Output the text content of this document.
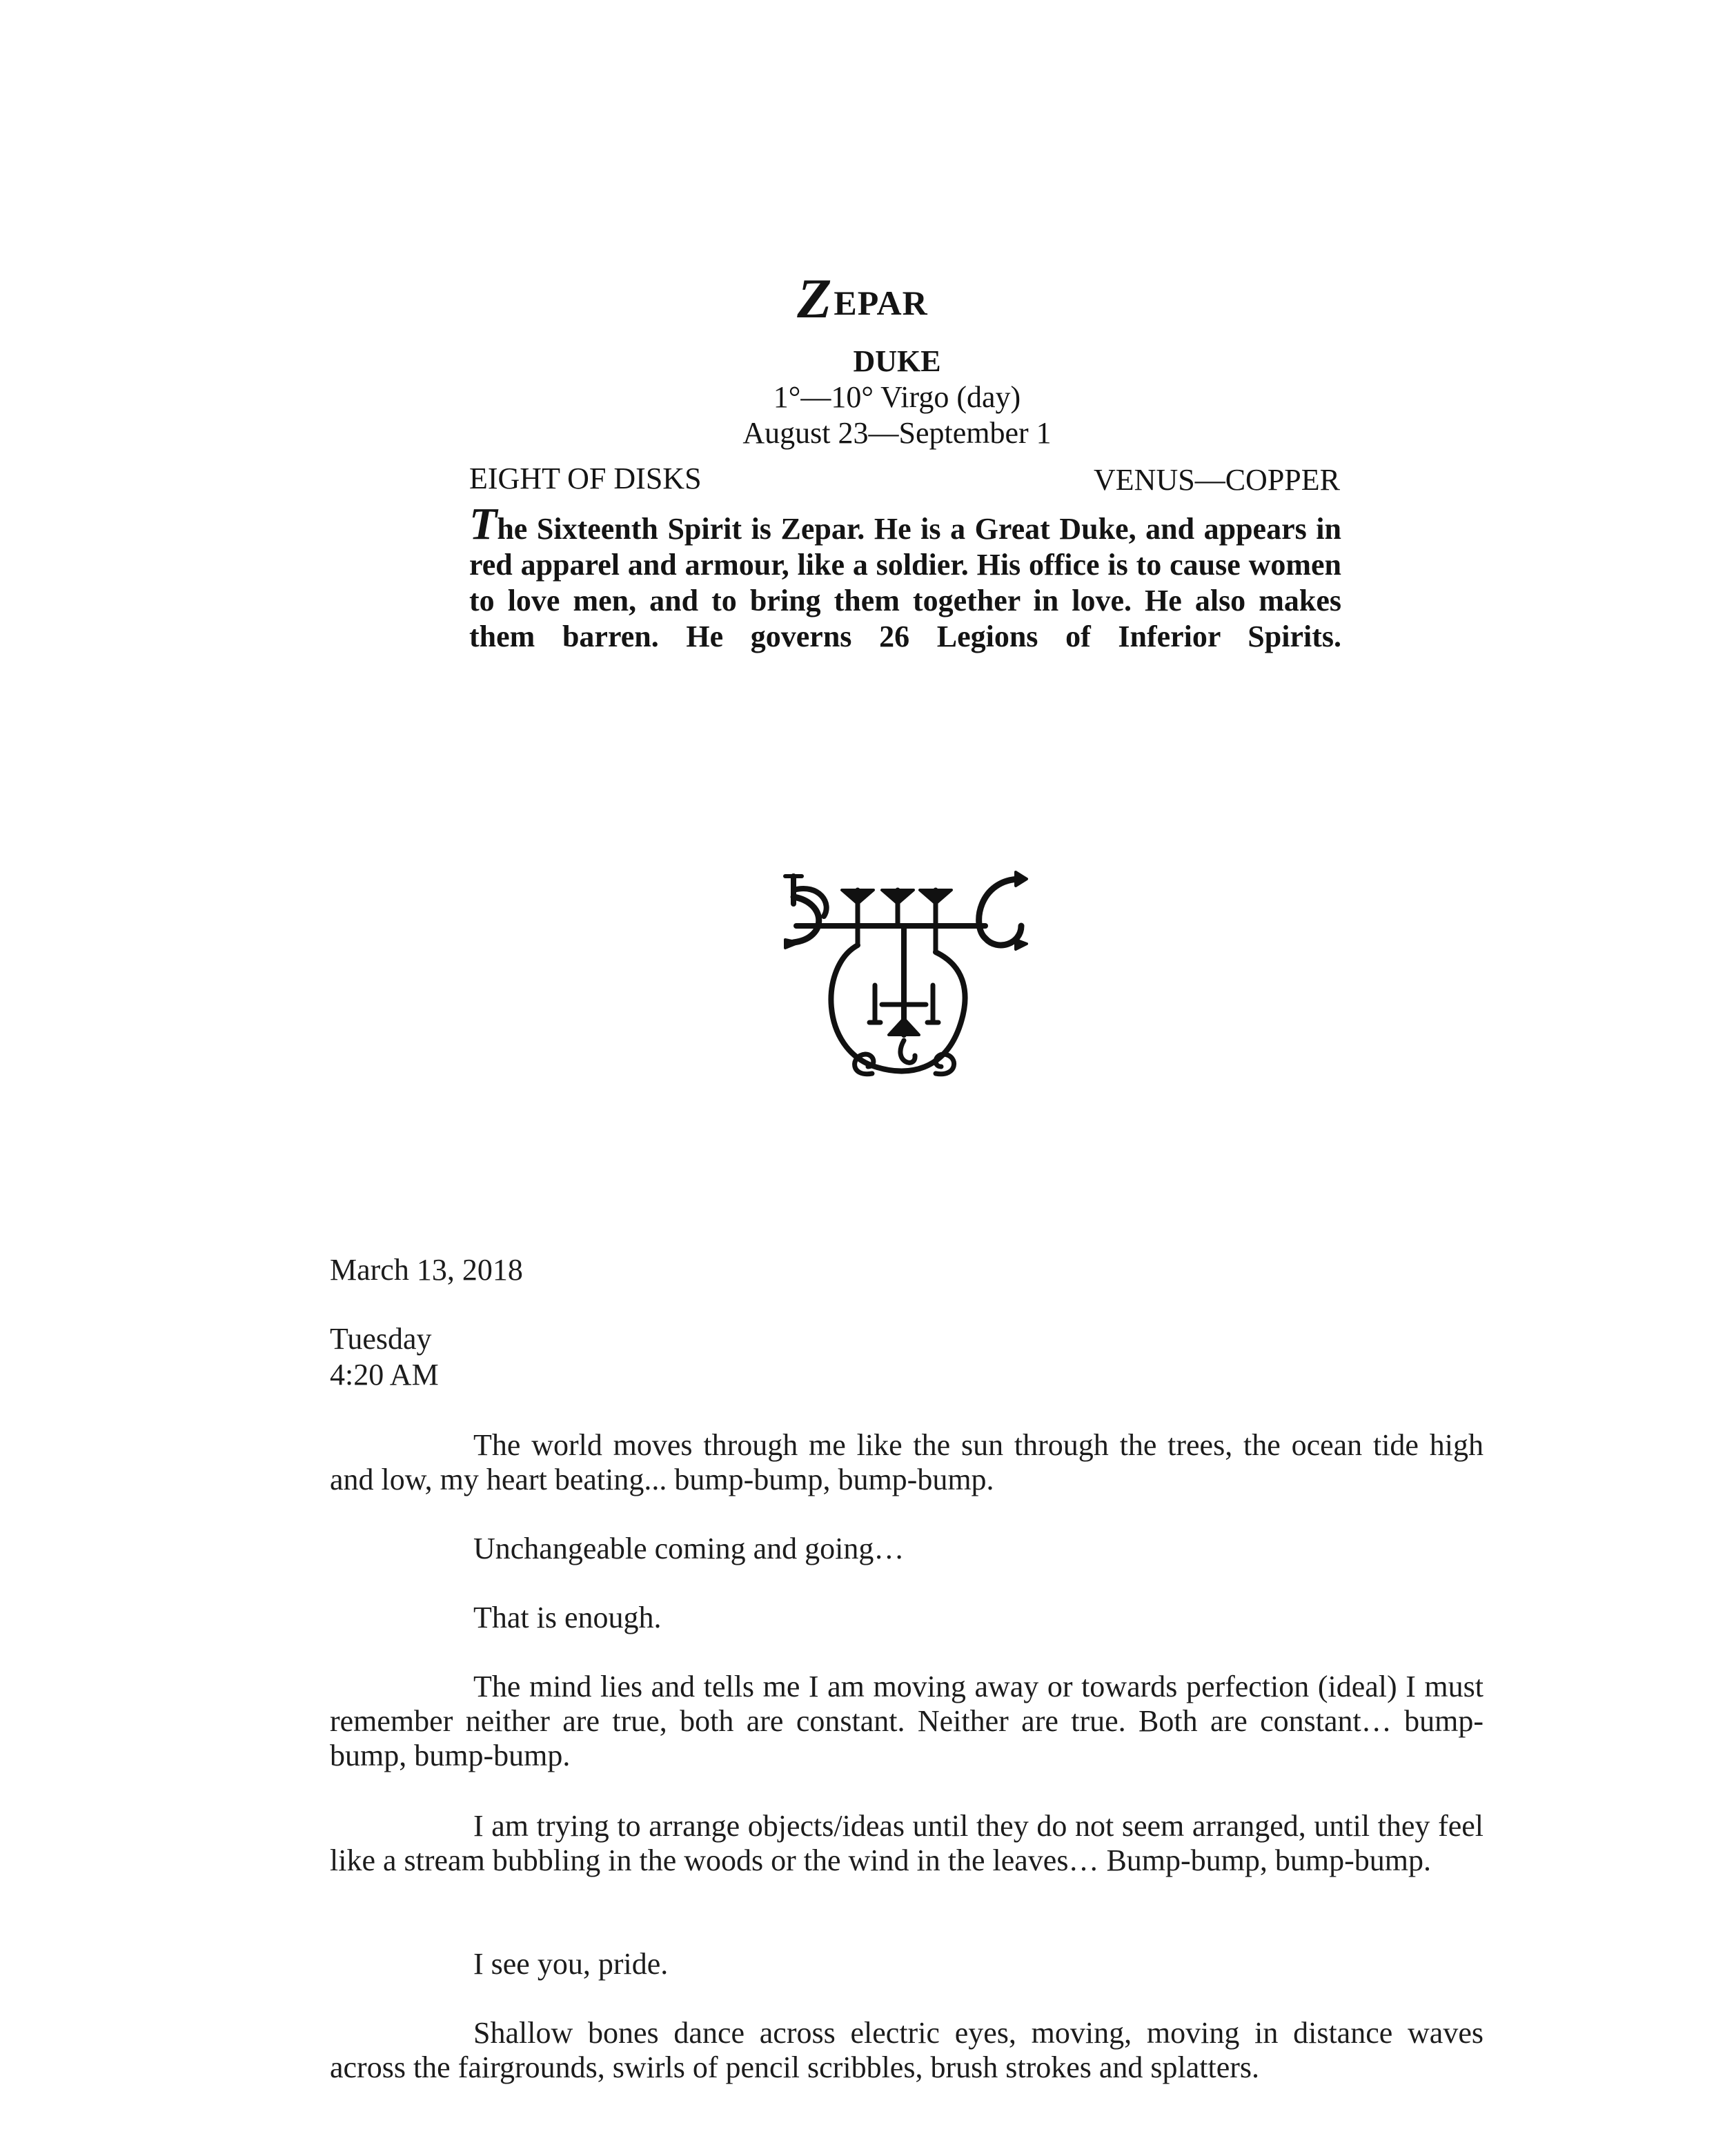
ZEPAR
DUKE
1°—10° Virgo (day)
August 23—September 1
EIGHT OF DISKS	VENUS—COPPER
The Sixteenth Spirit is Zepar. He is a Great Duke, and appears in red apparel and armour, like a soldier. His office is to cause women to love men, and to bring them together in love. He also makes them barren. He governs 26 Legions of Inferior Spirits.
March 13, 2018
Tuesday
4:20 AM

The world moves through me like the sun through the trees, the ocean tide high and low, my heart beating... bump-bump, bump-bump.

Unchangeable coming and going…
That is enough.

The mind lies and tells me I am moving away or towards perfection (ideal) I must remember neither are true, both are constant. Neither are true. Both are constant… bump-bump, bump-bump.

I am trying to arrange objects/ideas until they do not seem arranged, until they feel like a stream bubbling in the woods or the wind in the leaves… Bump-bump, bump-bump.

I see you, pride.

Shallow bones dance across electric eyes, moving, moving in distance waves across the fairgrounds, swirls of pencil scribbles, brush strokes and splatters.
